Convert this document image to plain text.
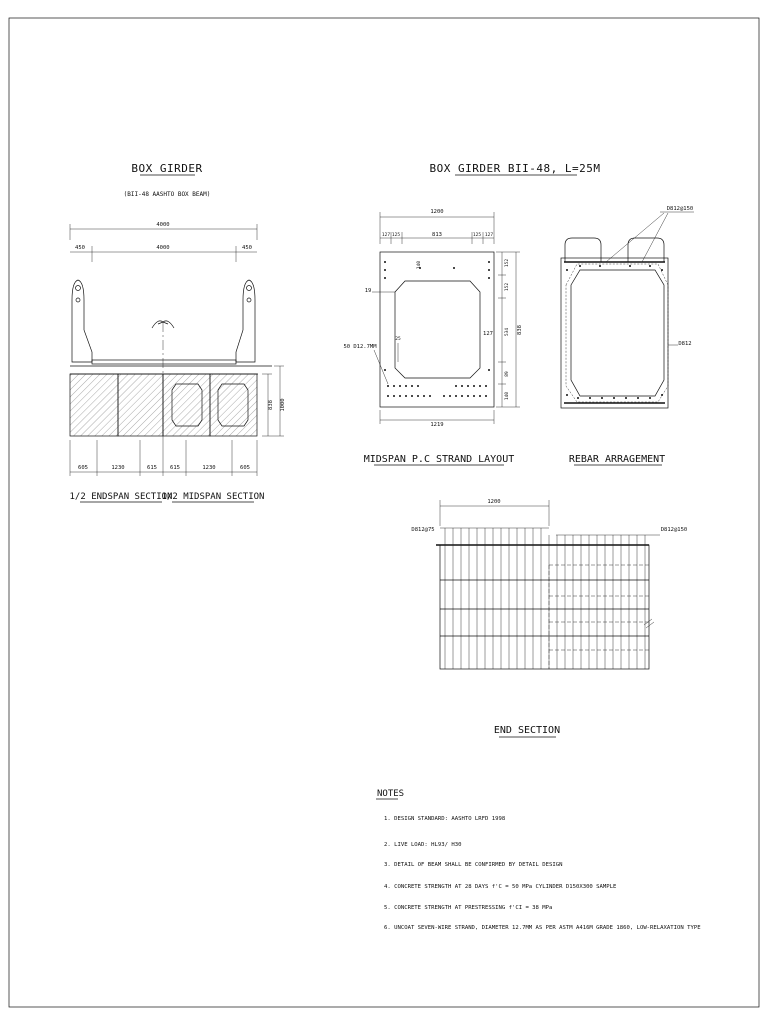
BOX GIRDER
(BII-48 AASHTO BOX BEAM)
4000
450	4000	450
838 1000
605	1230	615 615	1230	605
1/2 ENDSPAN SECTION
1/2 MIDSPAN SECTION
BOX GIRDER BII-48, L=25M
1200
127 125	813	125 127
19
140
127
25
50 D12.7MM
152
152
534
89
140
838
1219
MIDSPAN P.C STRAND LAYOUT
D812@150
D812
REBAR ARRAGEMENT
1200
D812@75	D812@150
END SECTION
NOTES
1. DESIGN STANDARD: AASHTO LRFD 1998
2. LIVE LOAD: HL93/ H30
3. DETAIL OF BEAM SHALL BE CONFIRMED BY DETAIL DESIGN
4. CONCRETE STRENGTH AT 28 DAYS f'C = 50 MPa CYLINDER D150X300 SAMPLE
5. CONCRETE STRENGTH AT PRESTRESSING f'CI = 38 MPa
6. UNCOAT SEVEN-WIRE STRAND, DIAMETER 12.7MM AS PER ASTM A416M GRADE 1860, LOW-RELAXATION TYPE
